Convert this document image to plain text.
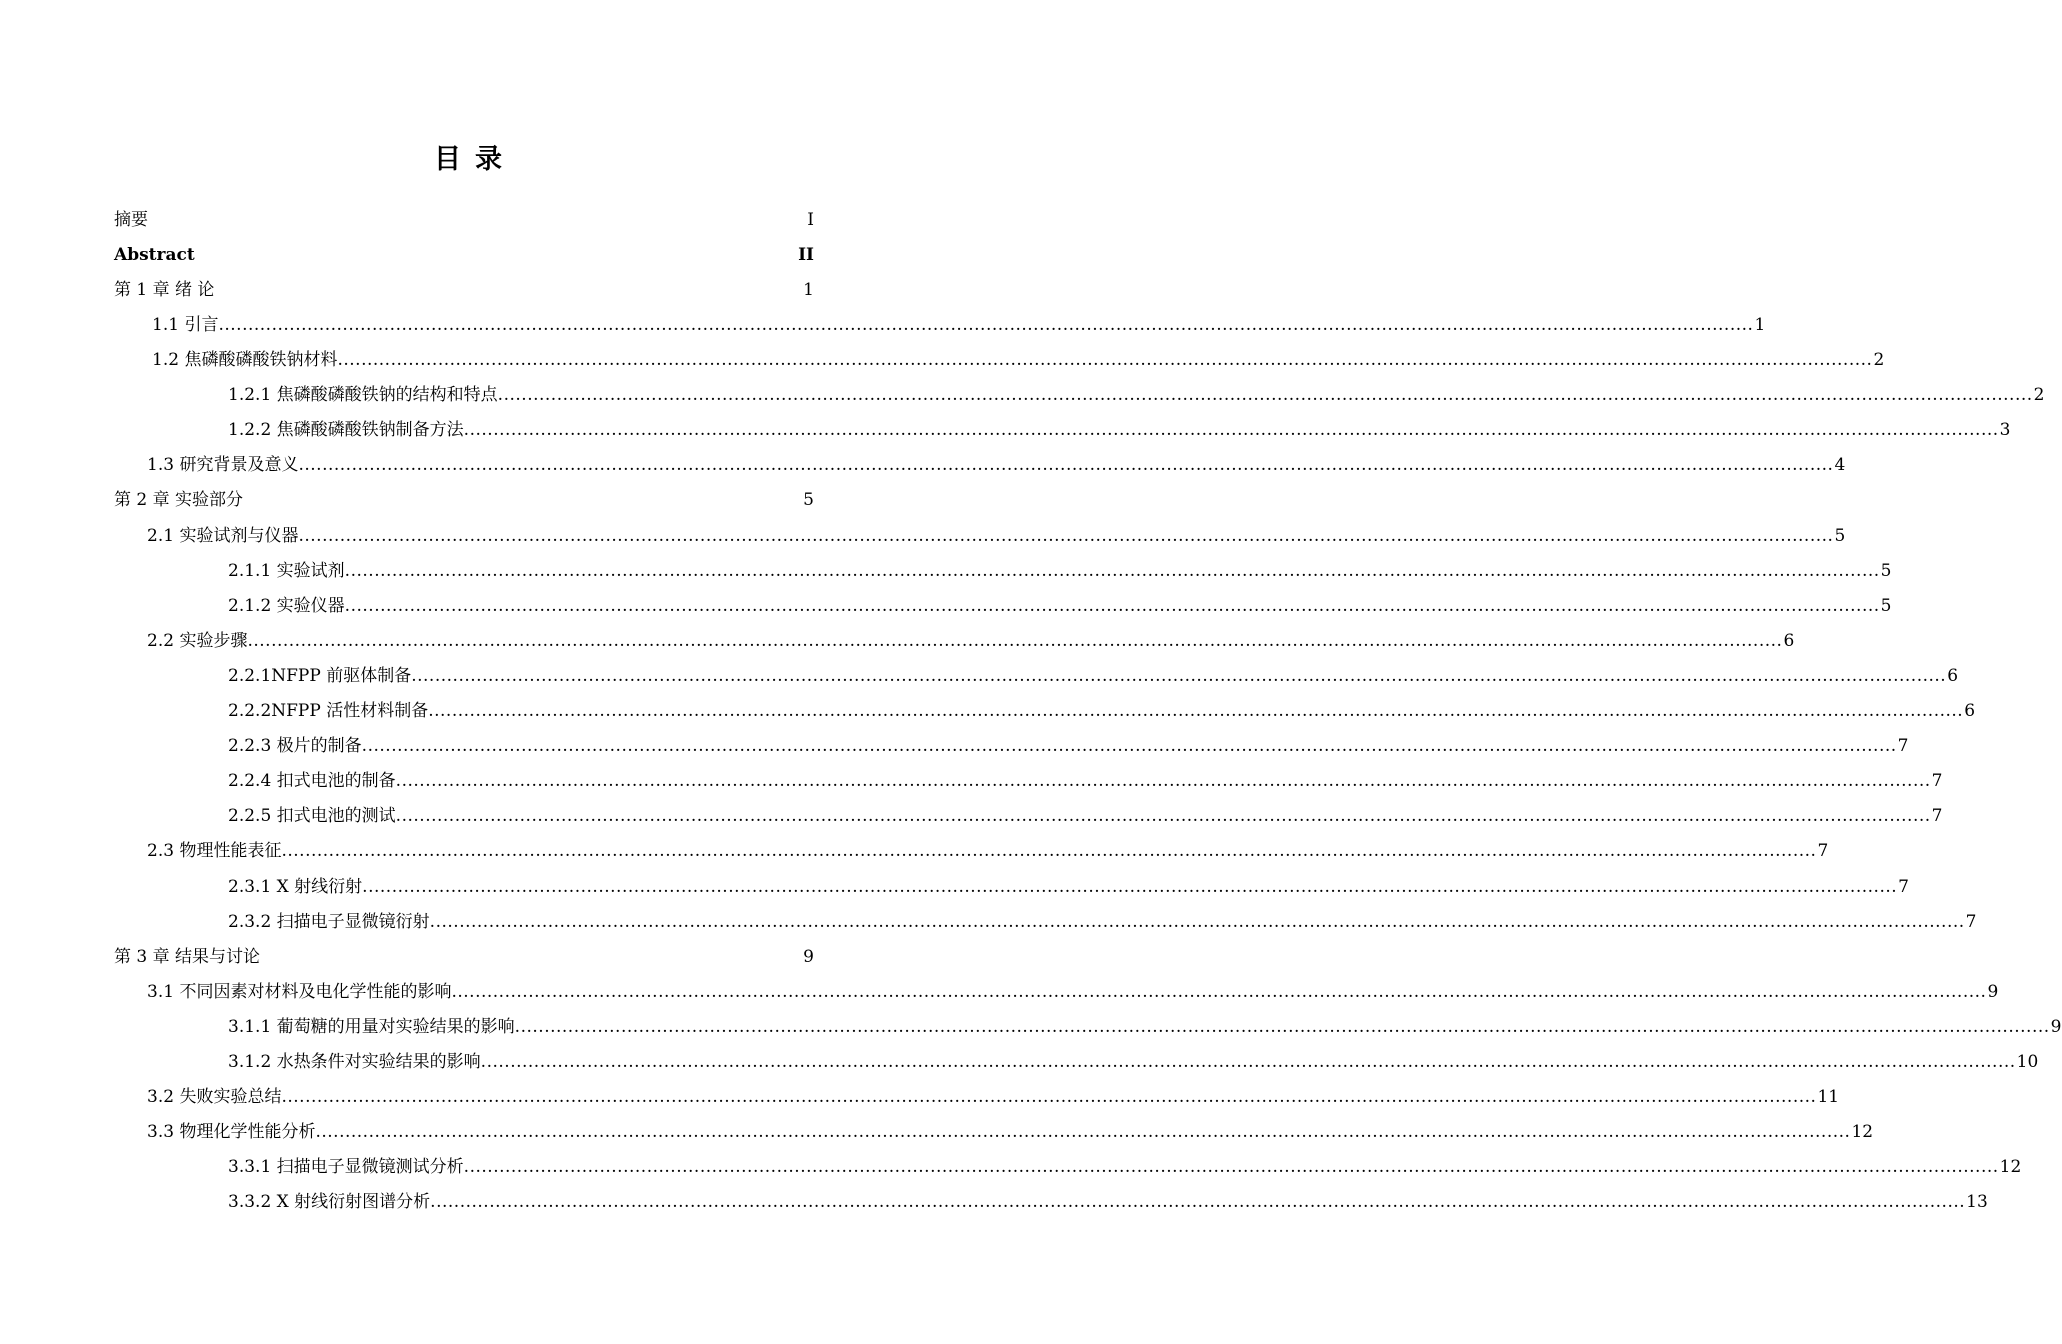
目录
摘要	I
Abstract	II
第 1 章 绪 论	1
1.1 引言 .................................................................................................................................................................................................................................................................... 1
1.2 焦磷酸磷酸铁钠材料 .................................................................................................................................................................................................................................................................... 2
1.2.1 焦磷酸磷酸铁钠的结构和特点 .................................................................................................................................................................................................................................................................... 2
1.2.2 焦磷酸磷酸铁钠制备方法 .................................................................................................................................................................................................................................................................... 3
1.3 研究背景及意义 .................................................................................................................................................................................................................................................................... 4
第 2 章 实验部分	5
2.1 实验试剂与仪器 .................................................................................................................................................................................................................................................................... 5
2.1.1 实验试剂 .................................................................................................................................................................................................................................................................... 5
2.1.2 实验仪器 .................................................................................................................................................................................................................................................................... 5
2.2 实验步骤 .................................................................................................................................................................................................................................................................... 6
2.2.1NFPP 前驱体制备 .................................................................................................................................................................................................................................................................... 6
2.2.2NFPP 活性材料制备 .................................................................................................................................................................................................................................................................... 6
2.2.3 极片的制备 .................................................................................................................................................................................................................................................................... 7
2.2.4 扣式电池的制备 .................................................................................................................................................................................................................................................................... 7
2.2.5 扣式电池的测试 .................................................................................................................................................................................................................................................................... 7
2.3 物理性能表征 .................................................................................................................................................................................................................................................................... 7
2.3.1 X 射线衍射 .................................................................................................................................................................................................................................................................... 7
2.3.2 扫描电子显微镜衍射 .................................................................................................................................................................................................................................................................... 7
第 3 章 结果与讨论	9
3.1 不同因素对材料及电化学性能的影响 .................................................................................................................................................................................................................................................................... 9
3.1.1 葡萄糖的用量对实验结果的影响 .................................................................................................................................................................................................................................................................... 9
3.1.2 水热条件对实验结果的影响 .................................................................................................................................................................................................................................................................... 10
3.2 失败实验总结 .................................................................................................................................................................................................................................................................... 11
3.3 物理化学性能分析 .................................................................................................................................................................................................................................................................... 12
3.3.1 扫描电子显微镜测试分析 .................................................................................................................................................................................................................................................................... 12
3.3.2 X 射线衍射图谱分析 .................................................................................................................................................................................................................................................................... 13
